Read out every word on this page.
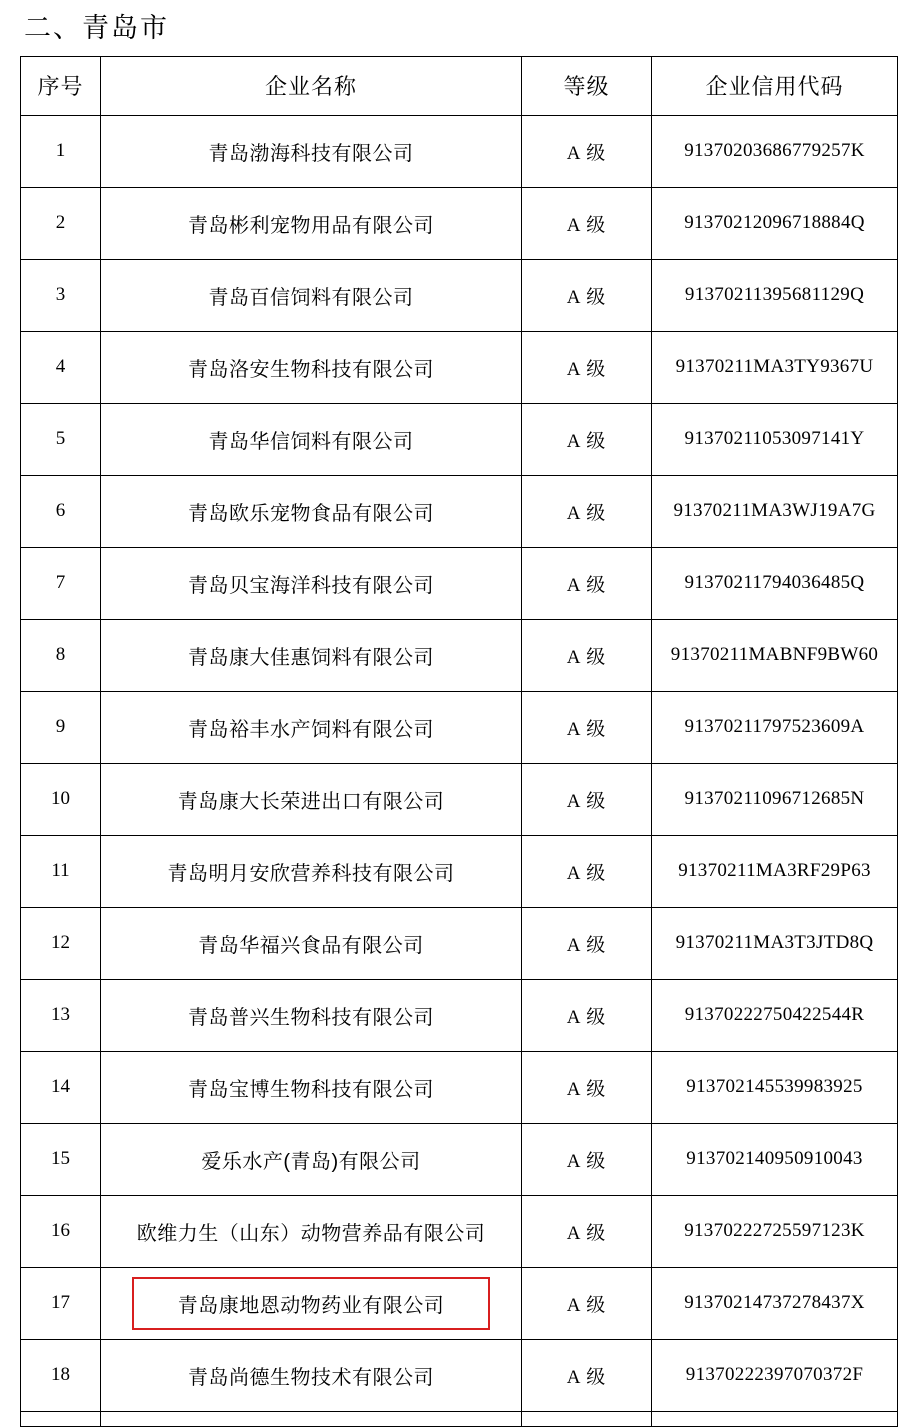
二、青岛市
序号	企业名称	等级	企业信用代码
1	青岛渤海科技有限公司	A 级	91370203686779257K
2	青岛彬利宠物用品有限公司	A 级	91370212096718884Q
3	青岛百信饲料有限公司	A 级	91370211395681129Q
4	青岛洛安生物科技有限公司	A 级	91370211MA3TY9367U
5	青岛华信饲料有限公司	A 级	91370211053097141Y
6	青岛欧乐宠物食品有限公司	A 级	91370211MA3WJ19A7G
7	青岛贝宝海洋科技有限公司	A 级	91370211794036485Q
8	青岛康大佳惠饲料有限公司	A 级	91370211MABNF9BW60
9	青岛裕丰水产饲料有限公司	A 级	91370211797523609A
10	青岛康大长荣进出口有限公司	A 级	91370211096712685N
11	青岛明月安欣营养科技有限公司	A 级	91370211MA3RF29P63
12	青岛华福兴食品有限公司	A 级	91370211MA3T3JTD8Q
13	青岛普兴生物科技有限公司	A 级	91370222750422544R
14	青岛宝博生物科技有限公司	A 级	913702145539983925
15	爱乐水产(青岛)有限公司	A 级	913702140950910043
16	欧维力生（山东）动物营养品有限公司	A 级	91370222725597123K
17	青岛康地恩动物药业有限公司	A 级	91370214737278437X
18	青岛尚德生物技术有限公司	A 级	91370222397070372F
